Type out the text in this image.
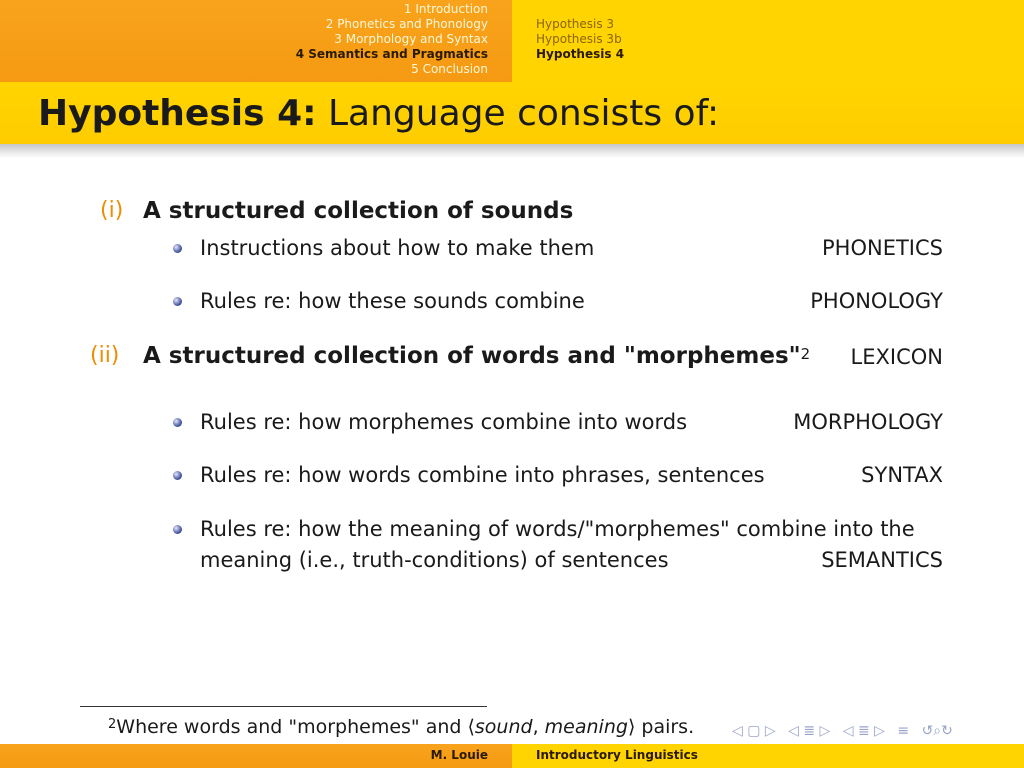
1 Introduction
2 Phonetics and Phonology
3 Morphology and Syntax
4 Semantics and Pragmatics
5 Conclusion
Hypothesis 3
Hypothesis 3b
Hypothesis 4
Hypothesis 4: Language consists of:
(i) A structured collection of sounds
Instructions about how to make them	PHONETICS
Rules re: how these sounds combine	PHONOLOGY
(ii) A structured collection of words and "morphemes"$^2$ LEXICON
Rules re: how morphemes combine into words	MORPHOLOGY
Rules re: how words combine into phrases, sentences	SYNTAX
Rules re: how the meaning of words/"morphemes" combine into the
meaning (i.e., truth-conditions) of sentences	SEMANTICS
$^2$Where words and "morphemes" and ⟨sound, meaning⟩ pairs.	◁ ▢ ▷ ◁ ≣ ▷ ◁ ≣ ▷ ≡ ↺⌕↻
M. Louie	Introductory Linguistics
